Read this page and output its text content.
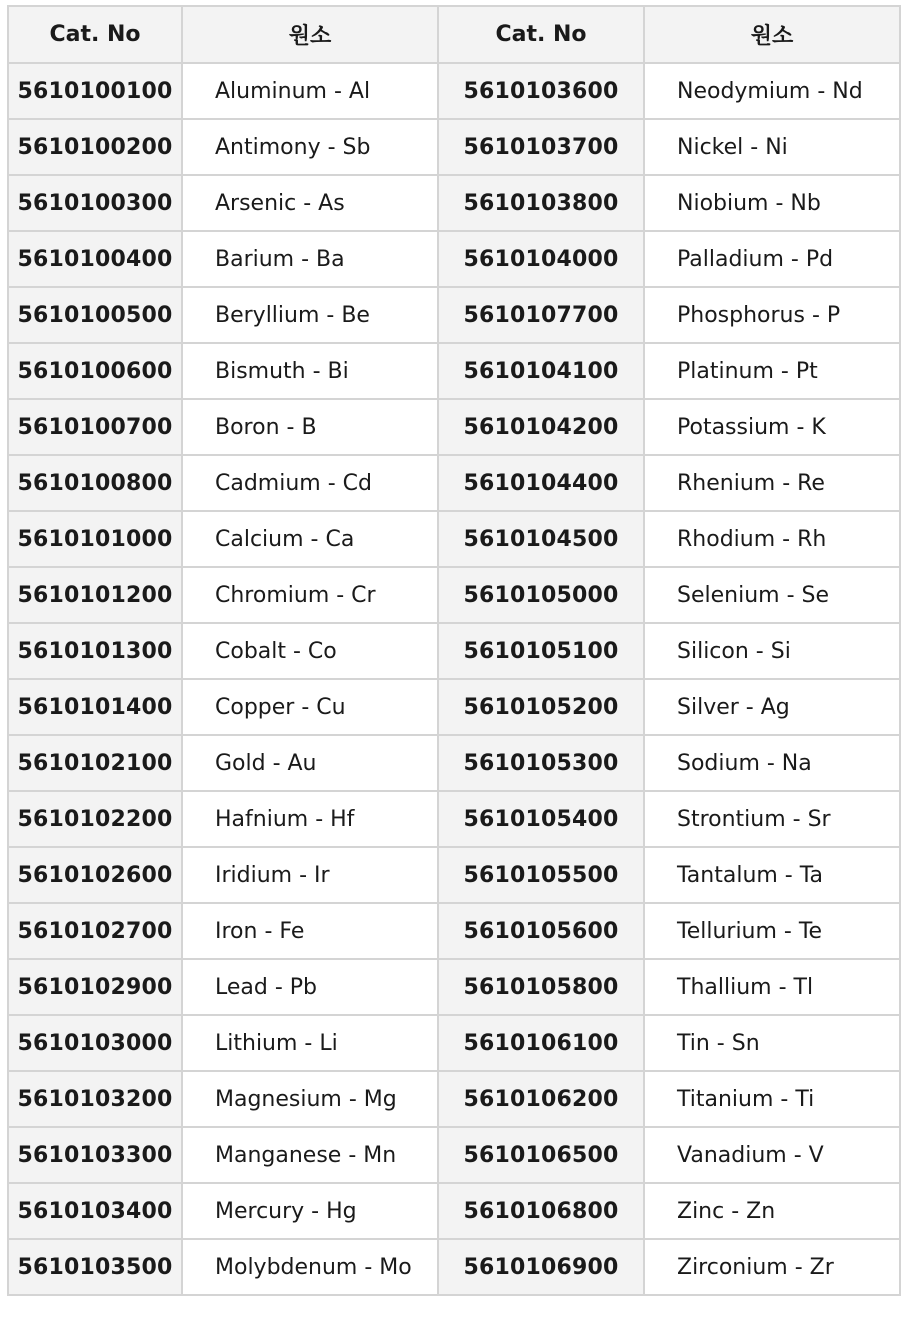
Cat. No	원소	Cat. No	원소
5610100100	Aluminum - Al	5610103600	Neodymium - Nd
5610100200	Antimony - Sb	5610103700	Nickel - Ni
5610100300	Arsenic - As	5610103800	Niobium - Nb
5610100400	Barium - Ba	5610104000	Palladium - Pd
5610100500	Beryllium - Be	5610107700	Phosphorus - P
5610100600	Bismuth - Bi	5610104100	Platinum - Pt
5610100700	Boron - B	5610104200	Potassium - K
5610100800	Cadmium - Cd	5610104400	Rhenium - Re
5610101000	Calcium - Ca	5610104500	Rhodium - Rh
5610101200	Chromium - Cr	5610105000	Selenium - Se
5610101300	Cobalt - Co	5610105100	Silicon - Si
5610101400	Copper - Cu	5610105200	Silver - Ag
5610102100	Gold - Au	5610105300	Sodium - Na
5610102200	Hafnium - Hf	5610105400	Strontium - Sr
5610102600	Iridium - Ir	5610105500	Tantalum - Ta
5610102700	Iron - Fe	5610105600	Tellurium - Te
5610102900	Lead - Pb	5610105800	Thallium - Tl
5610103000	Lithium - Li	5610106100	Tin - Sn
5610103200	Magnesium - Mg	5610106200	Titanium - Ti
5610103300	Manganese - Mn	5610106500	Vanadium - V
5610103400	Mercury - Hg	5610106800	Zinc - Zn
5610103500	Molybdenum - Mo	5610106900	Zirconium - Zr
